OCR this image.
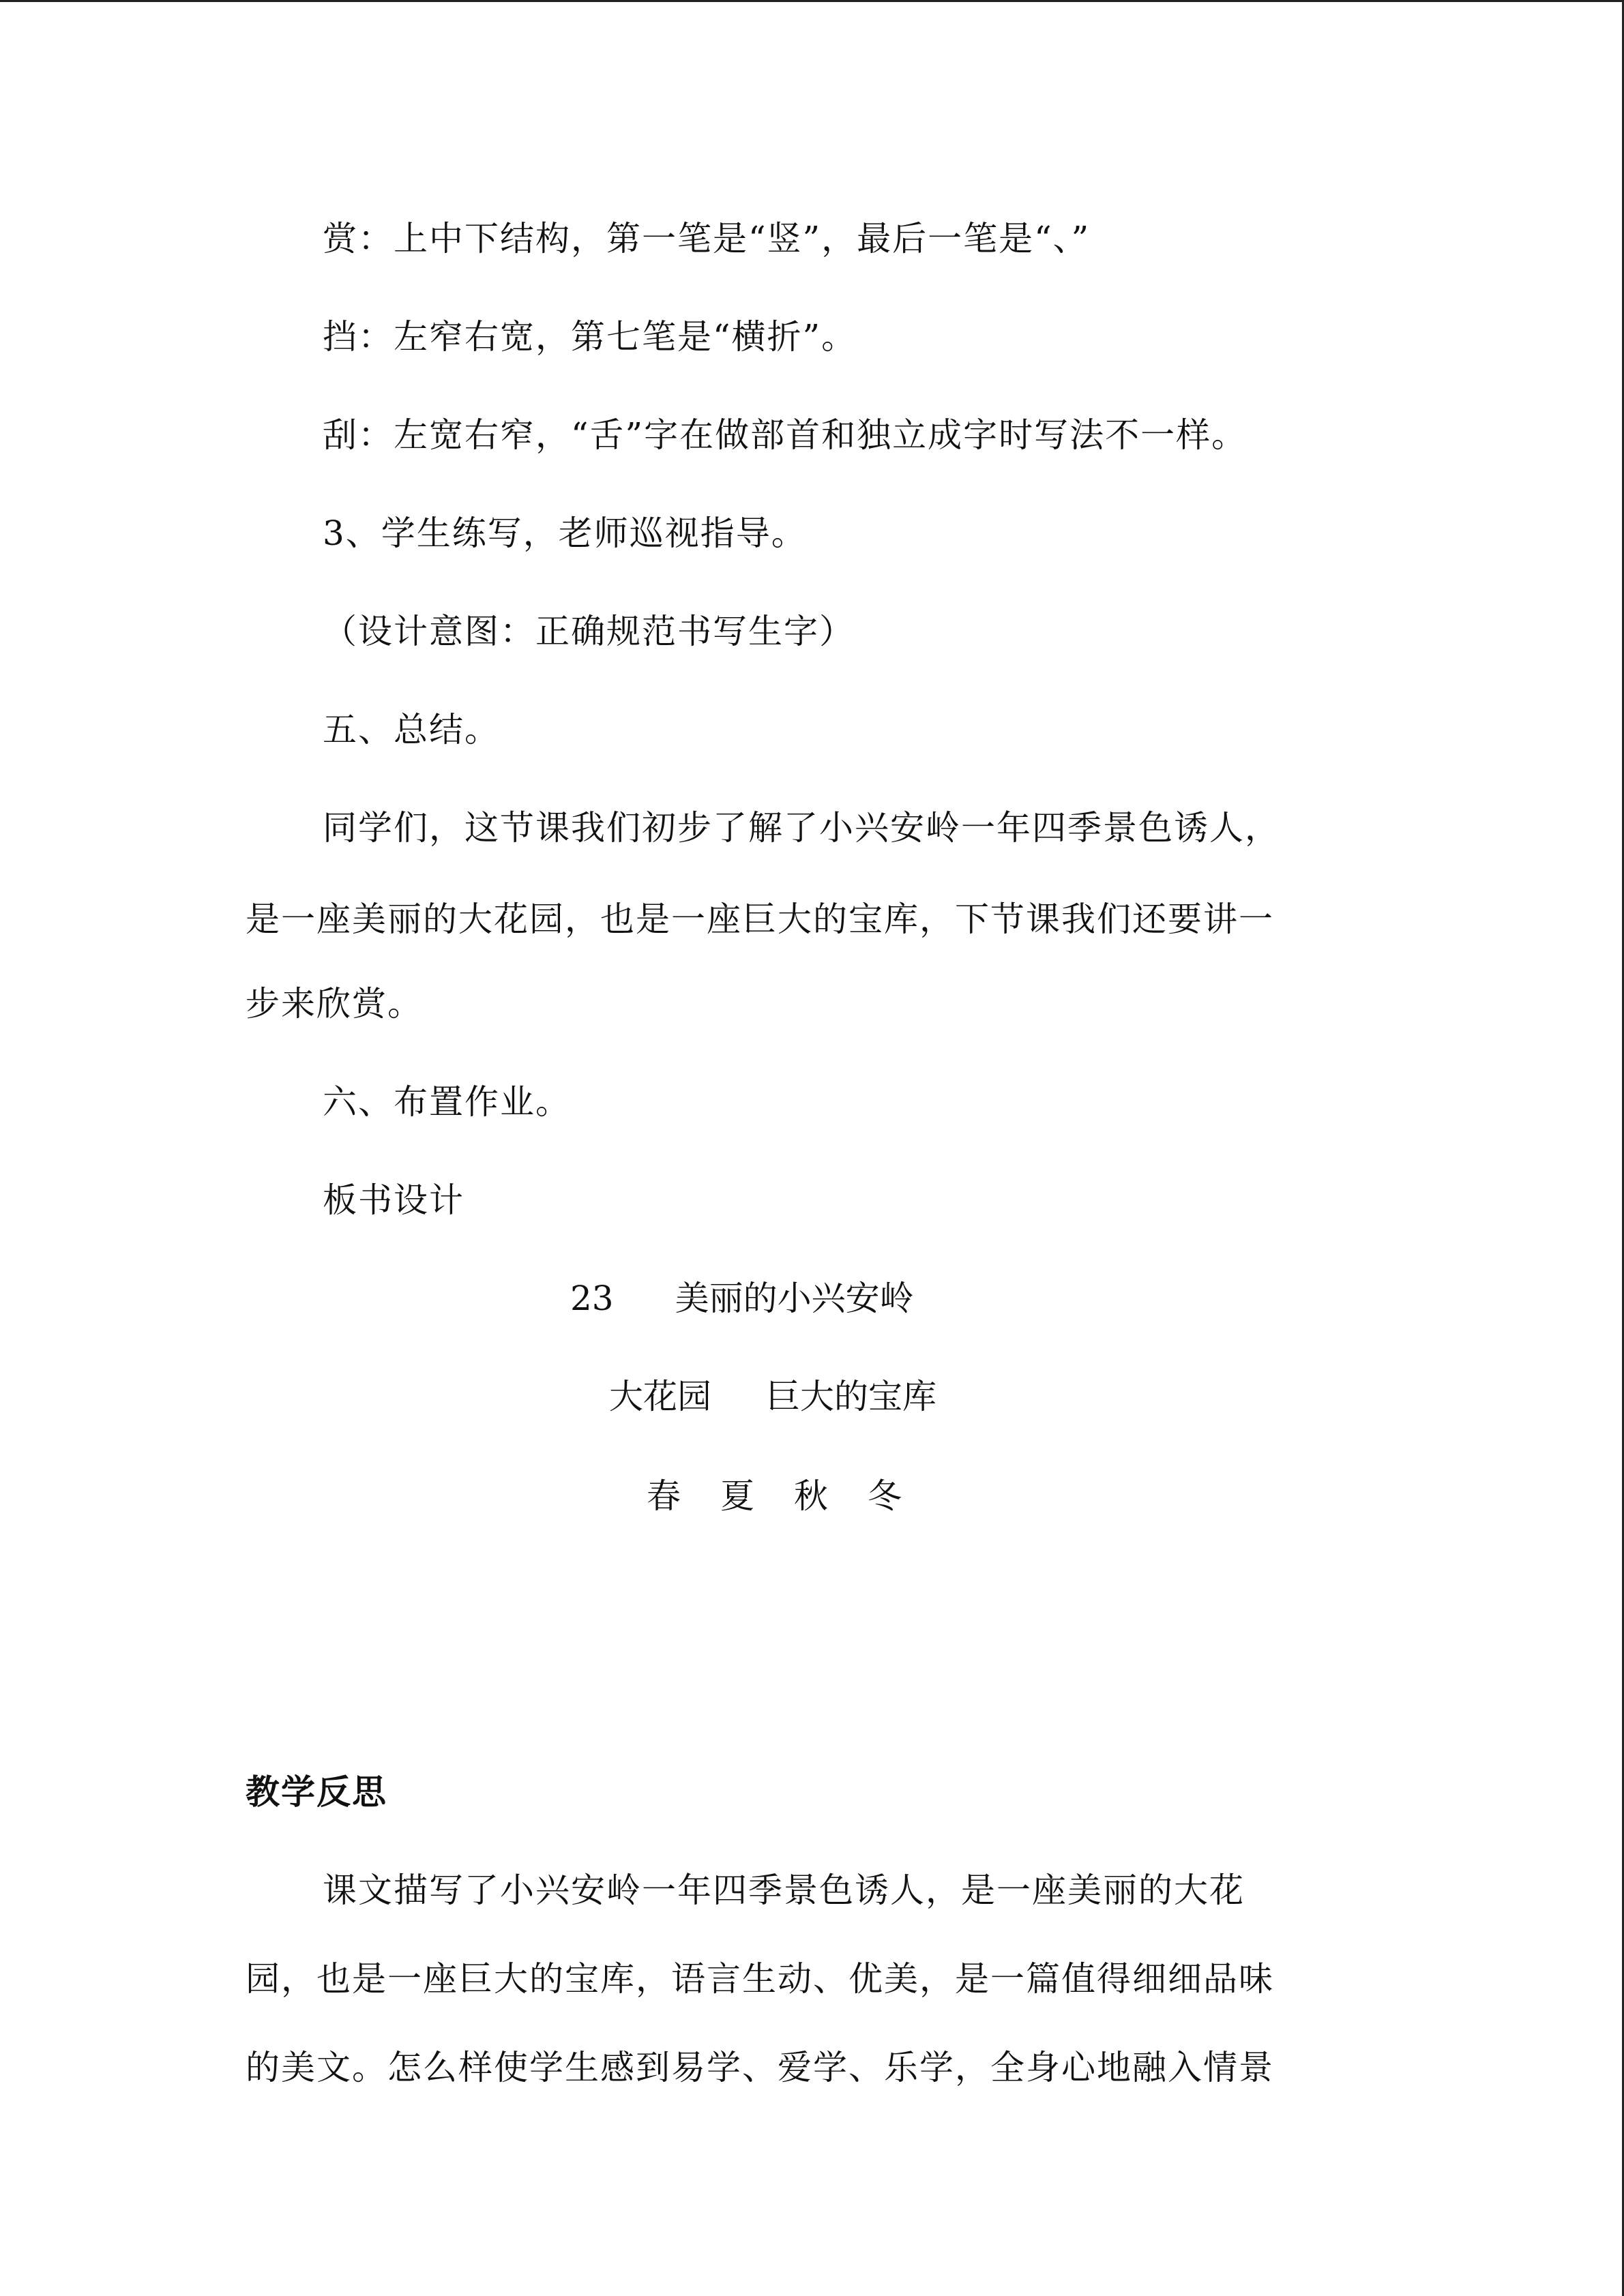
赏：上中下结构，第一笔是“竖”，最后一笔是“、”
挡：左窄右宽，第七笔是“横折”。
刮：左宽右窄，“舌”字在做部首和独立成字时写法不一样。
3、学生练写，老师巡视指导。
（设计意图：正确规范书写生字）
五、总结。
同学们，这节课我们初步了解了小兴安岭一年四季景色诱人，
是一座美丽的大花园，也是一座巨大的宝库，下节课我们还要讲一
步来欣赏。
六、布置作业。
板书设计
23 美丽的小兴安岭
大花园 巨大的宝库
春 夏 秋 冬
教学反思
课文描写了小兴安岭一年四季景色诱人，是一座美丽的大花
园，也是一座巨大的宝库，语言生动、优美，是一篇值得细细品味
的美文。怎么样使学生感到易学、爱学、乐学，全身心地融入情景
